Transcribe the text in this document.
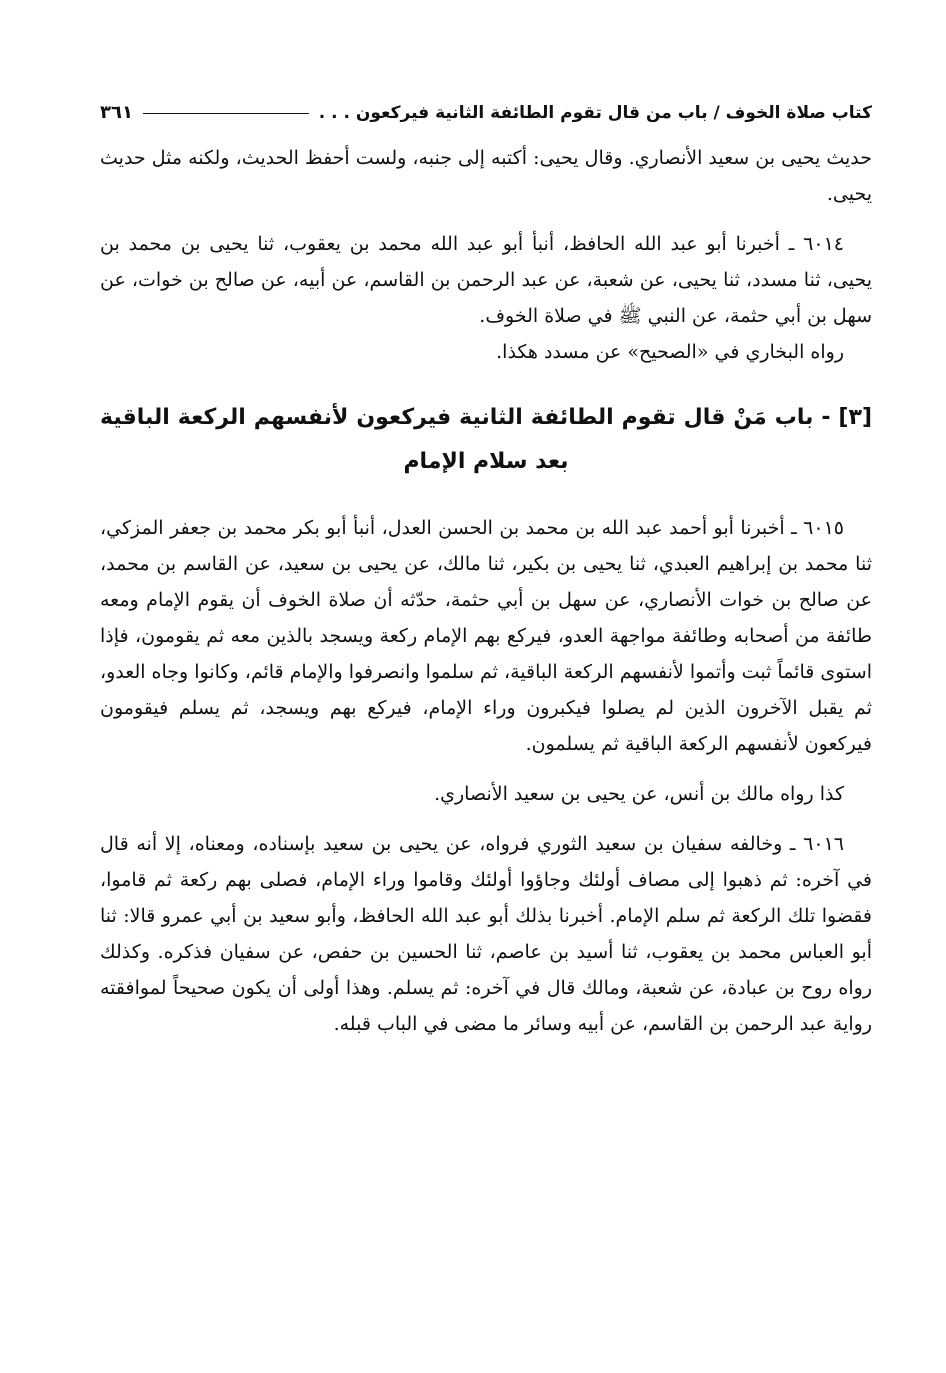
كتاب صلاة الخوف / باب من قال تقوم الطائفة الثانية فيركعون . . .
٣٦١

حديث يحيى بن سعيد الأنصاري. وقال يحيى: أكتبه إلى جنبه، ولست أحفظ الحديث، ولكنه مثل حديث يحيى.

٦٠١٤ ـ أخبرنا أبو عبد الله الحافظ، أنبأ أبو عبد الله محمد بن يعقوب، ثنا يحيى بن محمد بن يحيى، ثنا مسدد، ثنا يحيى، عن شعبة، عن عبد الرحمن بن القاسم، عن أبيه، عن صالح بن خوات، عن سهل بن أبي حثمة، عن النبي ﷺ في صلاة الخوف.

رواه البخاري في «الصحيح» عن مسدد هكذا.

[٣] - باب مَنْ قال تقوم الطائفة الثانية فيركعون لأنفسهم الركعة الباقية بعد سلام الإمام

٦٠١٥ ـ أخبرنا أبو أحمد عبد الله بن محمد بن الحسن العدل، أنبأ أبو بكر محمد بن جعفر المزكي، ثنا محمد بن إبراهيم العبدي، ثنا يحيى بن بكير، ثنا مالك، عن يحيى بن سعيد، عن القاسم بن محمد، عن صالح بن خوات الأنصاري، عن سهل بن أبي حثمة، حدّثه أن صلاة الخوف أن يقوم الإمام ومعه طائفة من أصحابه وطائفة مواجهة العدو، فيركع بهم الإمام ركعة ويسجد بالذين معه ثم يقومون، فإذا استوى قائماً ثبت وأتموا لأنفسهم الركعة الباقية، ثم سلموا وانصرفوا والإمام قائم، وكانوا وجاه العدو، ثم يقبل الآخرون الذين لم يصلوا فيكبرون وراء الإمام، فيركع بهم ويسجد، ثم يسلم فيقومون فيركعون لأنفسهم الركعة الباقية ثم يسلمون.

كذا رواه مالك بن أنس، عن يحيى بن سعيد الأنصاري.

٦٠١٦ ـ وخالفه سفيان بن سعيد الثوري فرواه، عن يحيى بن سعيد بإسناده، ومعناه، إلا أنه قال في آخره: ثم ذهبوا إلى مصاف أولئك وجاؤوا أولئك وقاموا وراء الإمام، فصلى بهم ركعة ثم قاموا، فقضوا تلك الركعة ثم سلم الإمام. أخبرنا بذلك أبو عبد الله الحافظ، وأبو سعيد بن أبي عمرو قالا: ثنا أبو العباس محمد بن يعقوب، ثنا أسيد بن عاصم، ثنا الحسين بن حفص، عن سفيان فذكره. وكذلك رواه روح بن عبادة، عن شعبة، ومالك قال في آخره: ثم يسلم. وهذا أولى أن يكون صحيحاً لموافقته رواية عبد الرحمن بن القاسم، عن أبيه وسائر ما مضى في الباب قبله.
